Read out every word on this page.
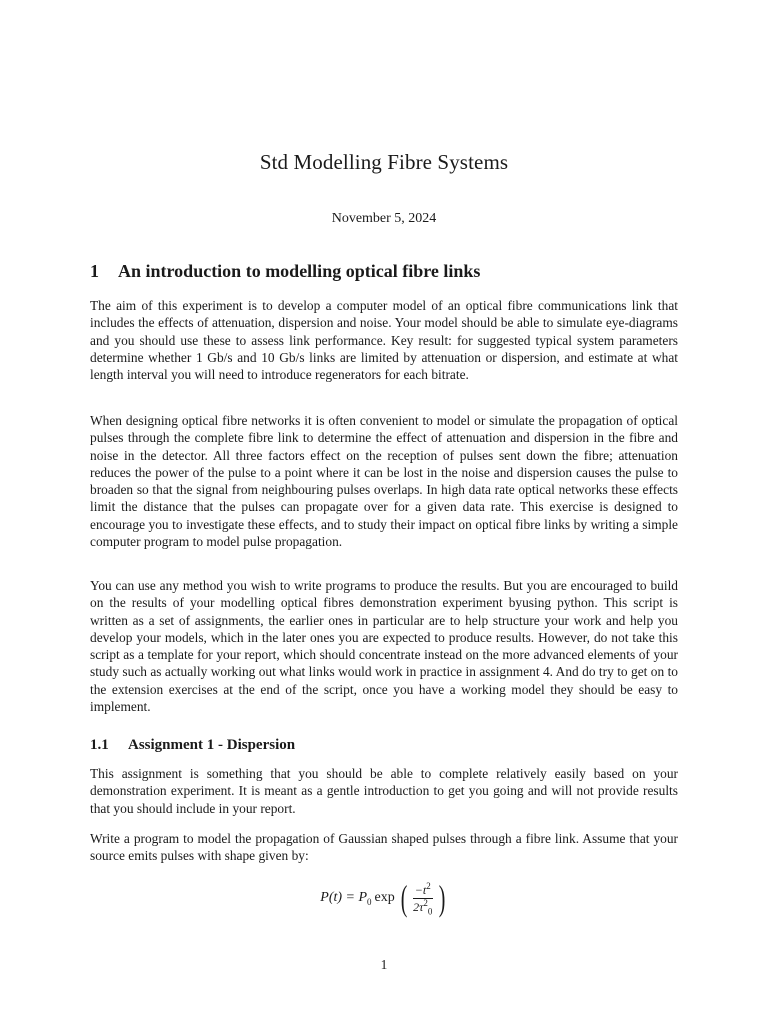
Std Modelling Fibre Systems
November 5, 2024
1 An introduction to modelling optical fibre links

The aim of this experiment is to develop a computer model of an optical fibre communications link that includes the effects of attenuation, dispersion and noise. Your model should be able to simulate eye-diagrams and you should use these to assess link performance. Key result: for suggested typical system parameters determine whether 1 Gb/s and 10 Gb/s links are limited by attenuation or dispersion, and estimate at what length interval you will need to introduce regenerators for each bitrate.

When designing optical fibre networks it is often convenient to model or simulate the propagation of optical pulses through the complete fibre link to determine the effect of attenuation and dispersion in the fibre and noise in the detector. All three factors effect on the reception of pulses sent down the fibre; attenuation reduces the power of the pulse to a point where it can be lost in the noise and dispersion causes the pulse to broaden so that the signal from neighbouring pulses overlaps. In high data rate optical networks these effects limit the distance that the pulses can propagate over for a given data rate. This exercise is designed to encourage you to investigate these effects, and to study their impact on optical fibre links by writing a simple computer program to model pulse propagation.

You can use any method you wish to write programs to produce the results. But you are encouraged to build on the results of your modelling optical fibres demonstration experiment byusing python. This script is written as a set of assignments, the earlier ones in particular are to help structure your work and help you develop your models, which in the later ones you are expected to produce results. However, do not take this script as a template for your report, which should concentrate instead on the more advanced elements of your study such as actually working out what links would work in practice in assignment 4. And do try to get on to the extension exercises at the end of the script, once you have a working model they should be easy to implement.

1.1 Assignment 1 - Dispersion

This assignment is something that you should be able to complete relatively easily based on your demonstration experiment. It is meant as a gentle introduction to get you going and will not provide results that you should include in your report.

Write a program to model the propagation of Gaussian shaped pulses through a fibre link. Assume that your source emits pulses with shape given by:

$P(t) = P_0$ exp ( $\frac{-t^2}{2\tau^2_0}$ )
1
